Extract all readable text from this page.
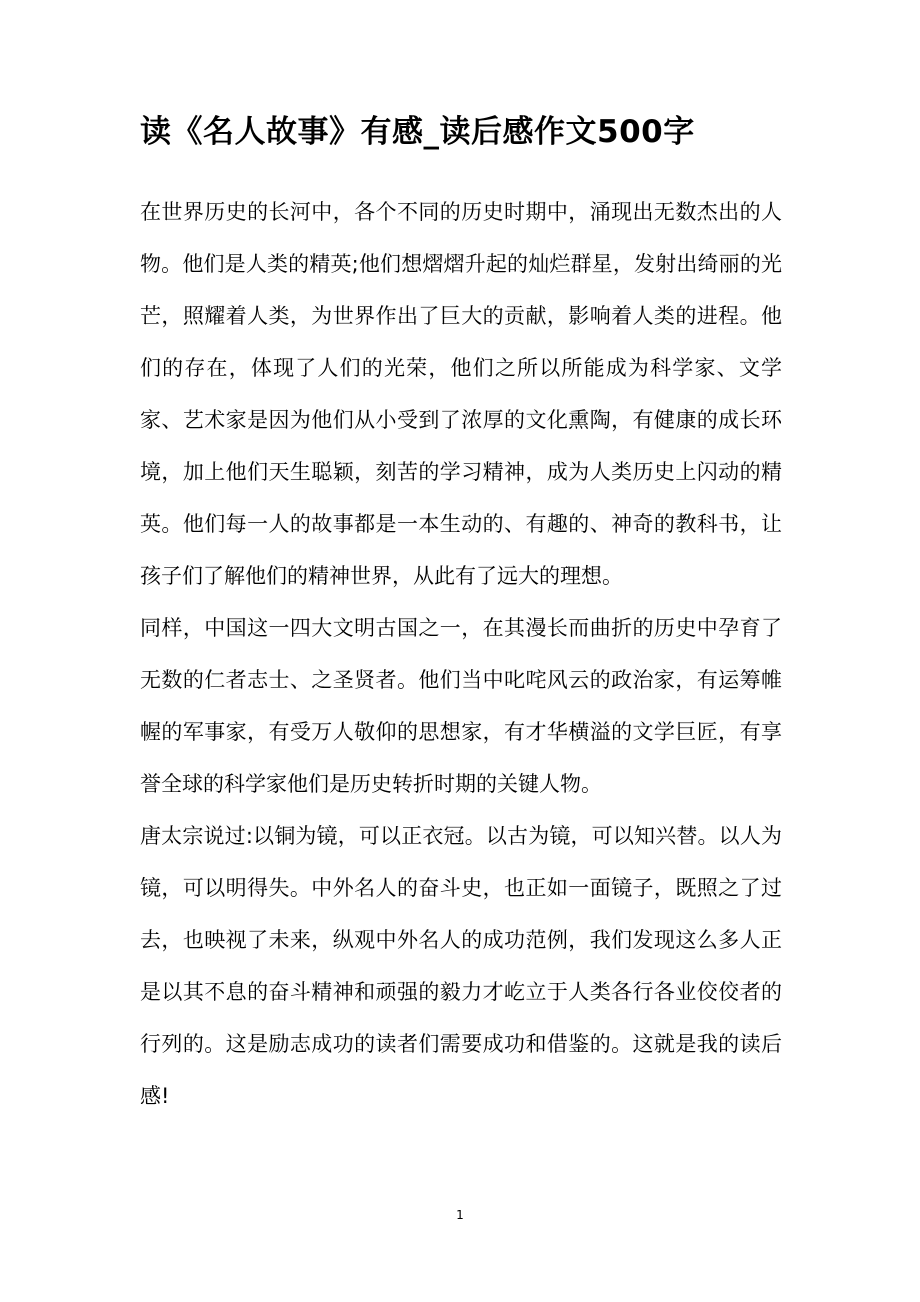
读《名人故事》有感_读后感作文500字

在世界历史的长河中，各个不同的历史时期中，涌现出无数杰出的人物。他们是人类的精英;他们想熠熠升起的灿烂群星，发射出绮丽的光芒，照耀着人类，为世界作出了巨大的贡献，影响着人类的进程。他们的存在，体现了人们的光荣，他们之所以所能成为科学家、文学家、艺术家是因为他们从小受到了浓厚的文化熏陶，有健康的成长环境，加上他们天生聪颖，刻苦的学习精神，成为人类历史上闪动的精英。他们每一人的故事都是一本生动的、有趣的、神奇的教科书，让孩子们了解他们的精神世界，从此有了远大的理想。

同样，中国这一四大文明古国之一，在其漫长而曲折的历史中孕育了无数的仁者志士、之圣贤者。他们当中叱咤风云的政治家，有运筹帷幄的军事家，有受万人敬仰的思想家，有才华横溢的文学巨匠，有享誉全球的科学家他们是历史转折时期的关键人物。

唐太宗说过:以铜为镜，可以正衣冠。以古为镜，可以知兴替。以人为镜，可以明得失。中外名人的奋斗史，也正如一面镜子，既照之了过去，也映视了未来，纵观中外名人的成功范例，我们发现这么多人正是以其不息的奋斗精神和顽强的毅力才屹立于人类各行各业佼佼者的行列的。这是励志成功的读者们需要成功和借鉴的。这就是我的读后感!

1
